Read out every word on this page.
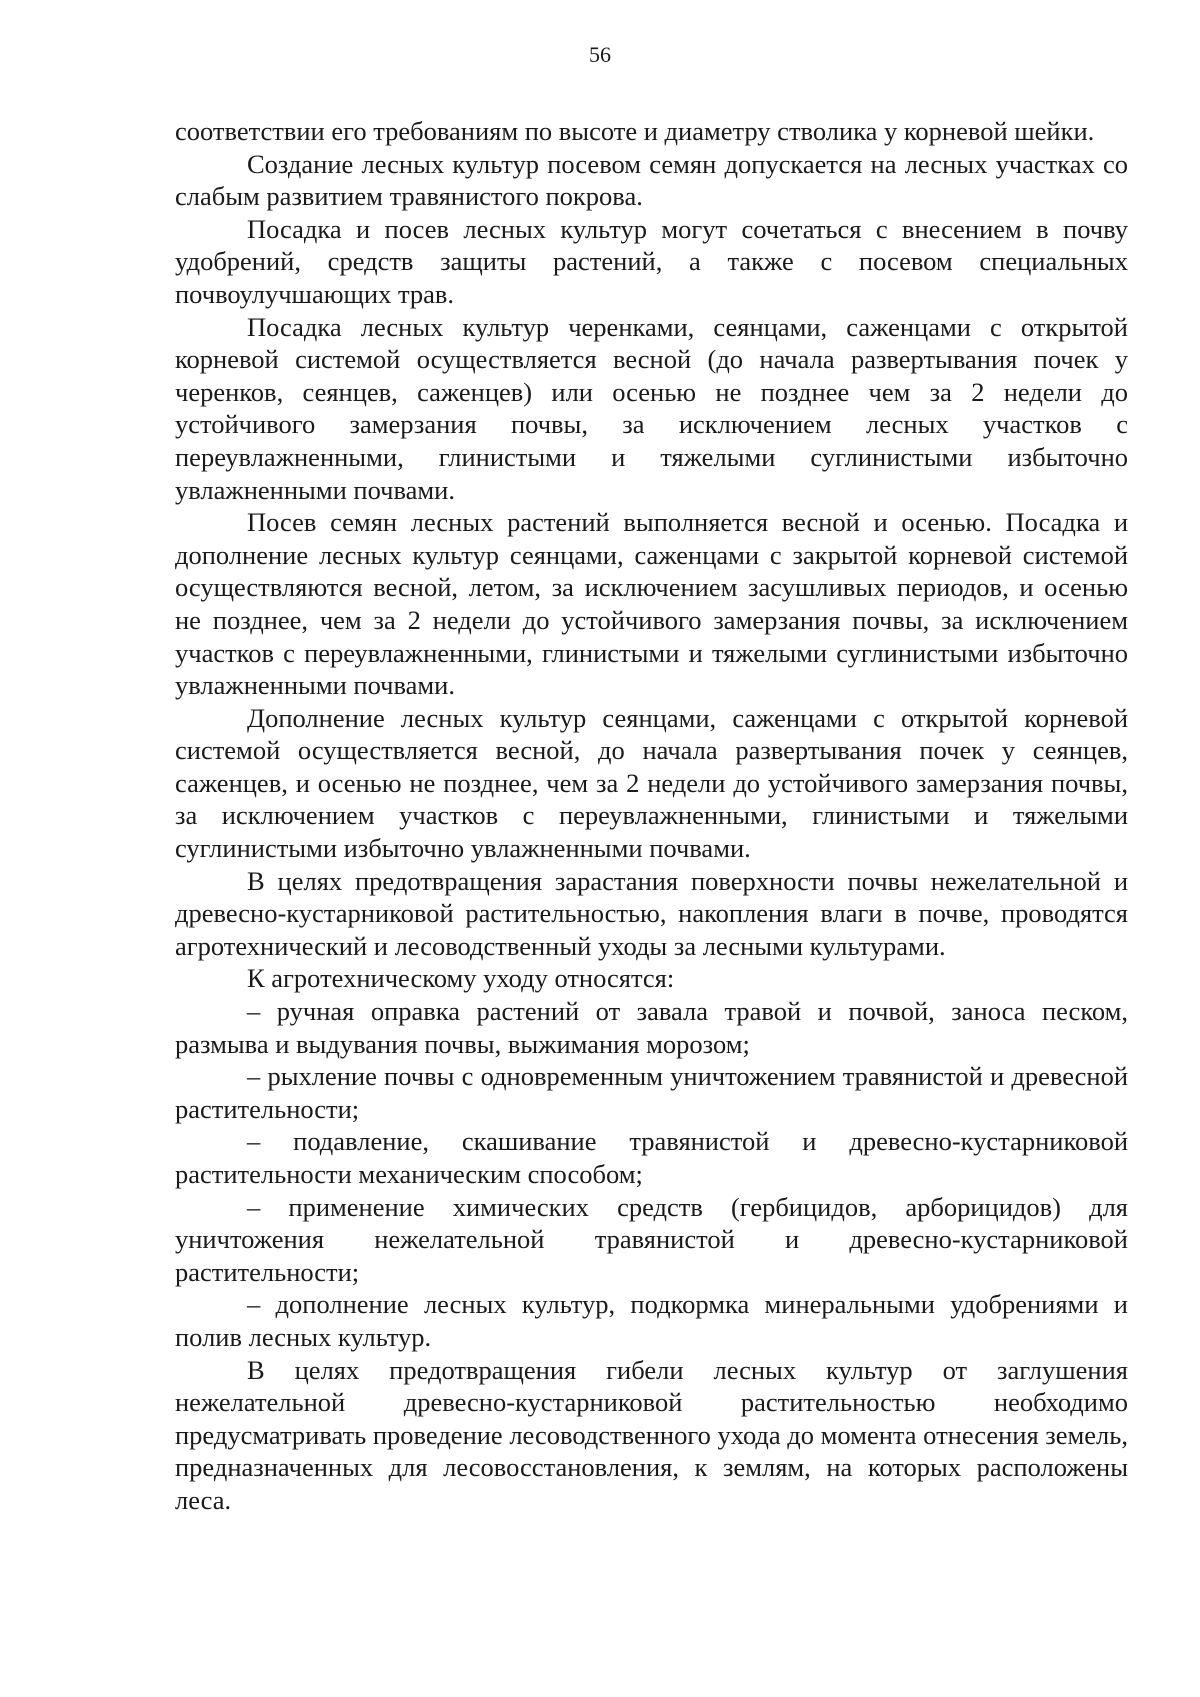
56

соответствии его требованиям по высоте и диаметру стволика у корневой шейки.

Создание лесных культур посевом семян допускается на лесных участках со слабым развитием травянистого покрова.

Посадка и посев лесных культур могут сочетаться с внесением в почву удобрений, средств защиты растений, а также с посевом специальных почвоулучшающих трав.

Посадка лесных культур черенками, сеянцами, саженцами с открытой корневой системой осуществляется весной (до начала развертывания почек у черенков, сеянцев, саженцев) или осенью не позднее чем за 2 недели до устойчивого замерзания почвы, за исключением лесных участков с переувлажненными, глинистыми и тяжелыми суглинистыми избыточно увлажненными почвами.

Посев семян лесных растений выполняется весной и осенью. Посадка и дополнение лесных культур сеянцами, саженцами с закрытой корневой системой осуществляются весной, летом, за исключением засушливых периодов, и осенью не позднее, чем за 2 недели до устойчивого замерзания почвы, за исключением участков с переувлажненными, глинистыми и тяжелыми суглинистыми избыточно увлажненными почвами.

Дополнение лесных культур сеянцами, саженцами с открытой корневой системой осуществляется весной, до начала развертывания почек у сеянцев, саженцев, и осенью не позднее, чем за 2 недели до устойчивого замерзания почвы, за исключением участков с переувлажненными, глинистыми и тяжелыми суглинистыми избыточно увлажненными почвами.

В целях предотвращения зарастания поверхности почвы нежелательной и древесно-кустарниковой растительностью, накопления влаги в почве, проводятся агротехнический и лесоводственный уходы за лесными культурами.

К агротехническому уходу относятся:

– ручная оправка растений от завала травой и почвой, заноса песком, размыва и выдувания почвы, выжимания морозом;

– рыхление почвы с одновременным уничтожением травянистой и древесной растительности;

– подавление, скашивание травянистой и древесно-кустарниковой растительности механическим способом;

– применение химических средств (гербицидов, арборицидов) для уничтожения нежелательной травянистой и древесно-кустарниковой растительности;

– дополнение лесных культур, подкормка минеральными удобрениями и полив лесных культур.

В целях предотвращения гибели лесных культур от заглушения нежелательной древесно-кустарниковой растительностью необходимо предусматривать проведение лесоводственного ухода до момента отнесения земель, предназначенных для лесовосстановления, к землям, на которых расположены леса.
